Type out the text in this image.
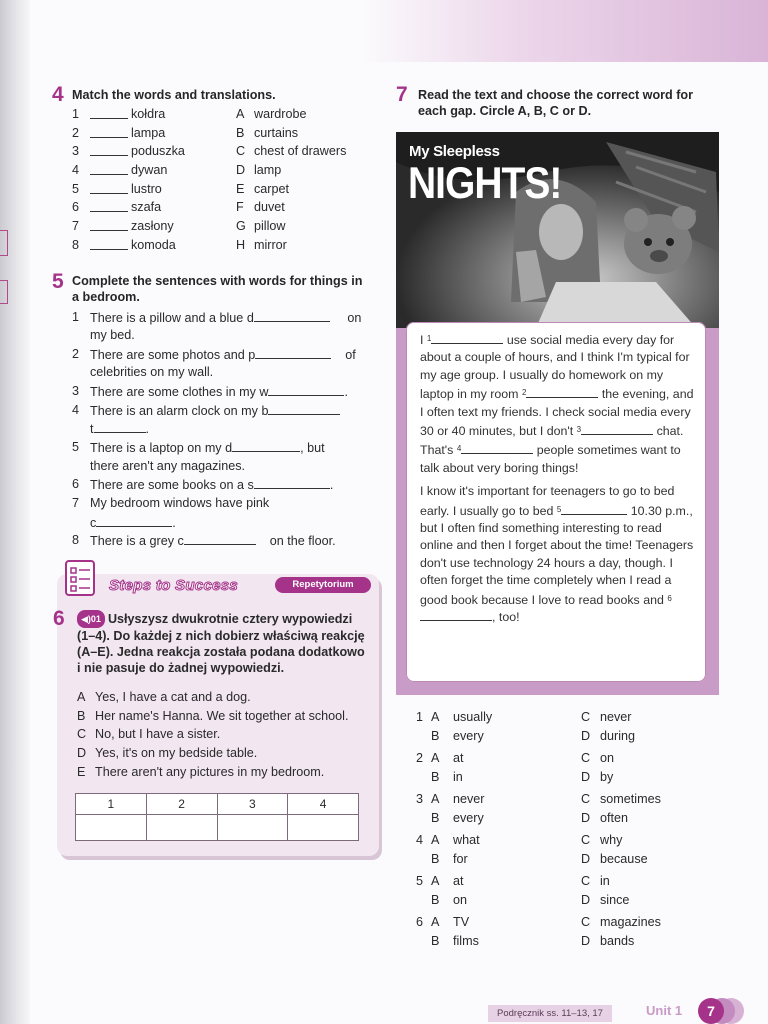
4 Match the words and translations.
1	kołdra	A wardrobe
2	lampa	B curtains
3	poduszka	C chest of drawers
4	dywan	D lamp
5	lustro	E carpet
6	szafa	F duvet
7	zasłony	G pillow
8	komoda	H mirror
5 Complete the sentences with words for things in
a bedroom.
1 There is a pillow and a blue d	on
my bed.
2 There are some photos and p	of
celebrities on my wall.
3 There are some clothes in my w	.
4 There is an alarm clock on my b
t	.
5 There is a laptop on my d	, but
there aren't any magazines.
6 There are some books on a s	.
7 My bedroom windows have pink
c	.
8 There is a grey c	on the floor.
Steps to Success	Repetytorium
6	◀)01 Usłyszysz dwukrotnie cztery wypowiedzi (1–4). Do każdej z nich dobierz właściwą reakcję (A–E). Jedna reakcja została podana dodatkowo i nie pasuje do żadnej wypowiedzi.
A Yes, I have a cat and a dog.
B Her name's Hanna. We sit together at school.
C No, but I have a sister.
D Yes, it's on my bedside table.
E There aren't any pictures in my bedroom.
1	2	3	4

7 Read the text and choose the correct word for
each gap. Circle A, B, C or D.
My Sleepless
NIGHTS!

I $^1$	use social media every day for about a couple of hours, and I think I'm typical for my age group. I usually do homework on my laptop in my room $^2$	the evening, and I often text my friends. I check social media every 30 or 40 minutes, but I don't $^3$	chat. That's $^4$	people sometimes want to talk about very boring things!

I know it's important for teenagers to go to bed early. I usually go to bed $^5$	10.30 p.m., but I often find something interesting to read online and then I forget about the time! Teenagers don't use technology 24 hours a day, though. I often forget the time completely when I read a good book because I love to read books and $^6$, too!

1 A usually	C never
B every	D during
2 A at	C on
B in	D by
3 A never	C sometimes
B every	D often
4 A what	C why
B for	D because
5 A at	C in
B on	D since
6 A TV	C magazines
B films	D bands
Podręcznik ss. 11–13, 17	Unit 1	7
